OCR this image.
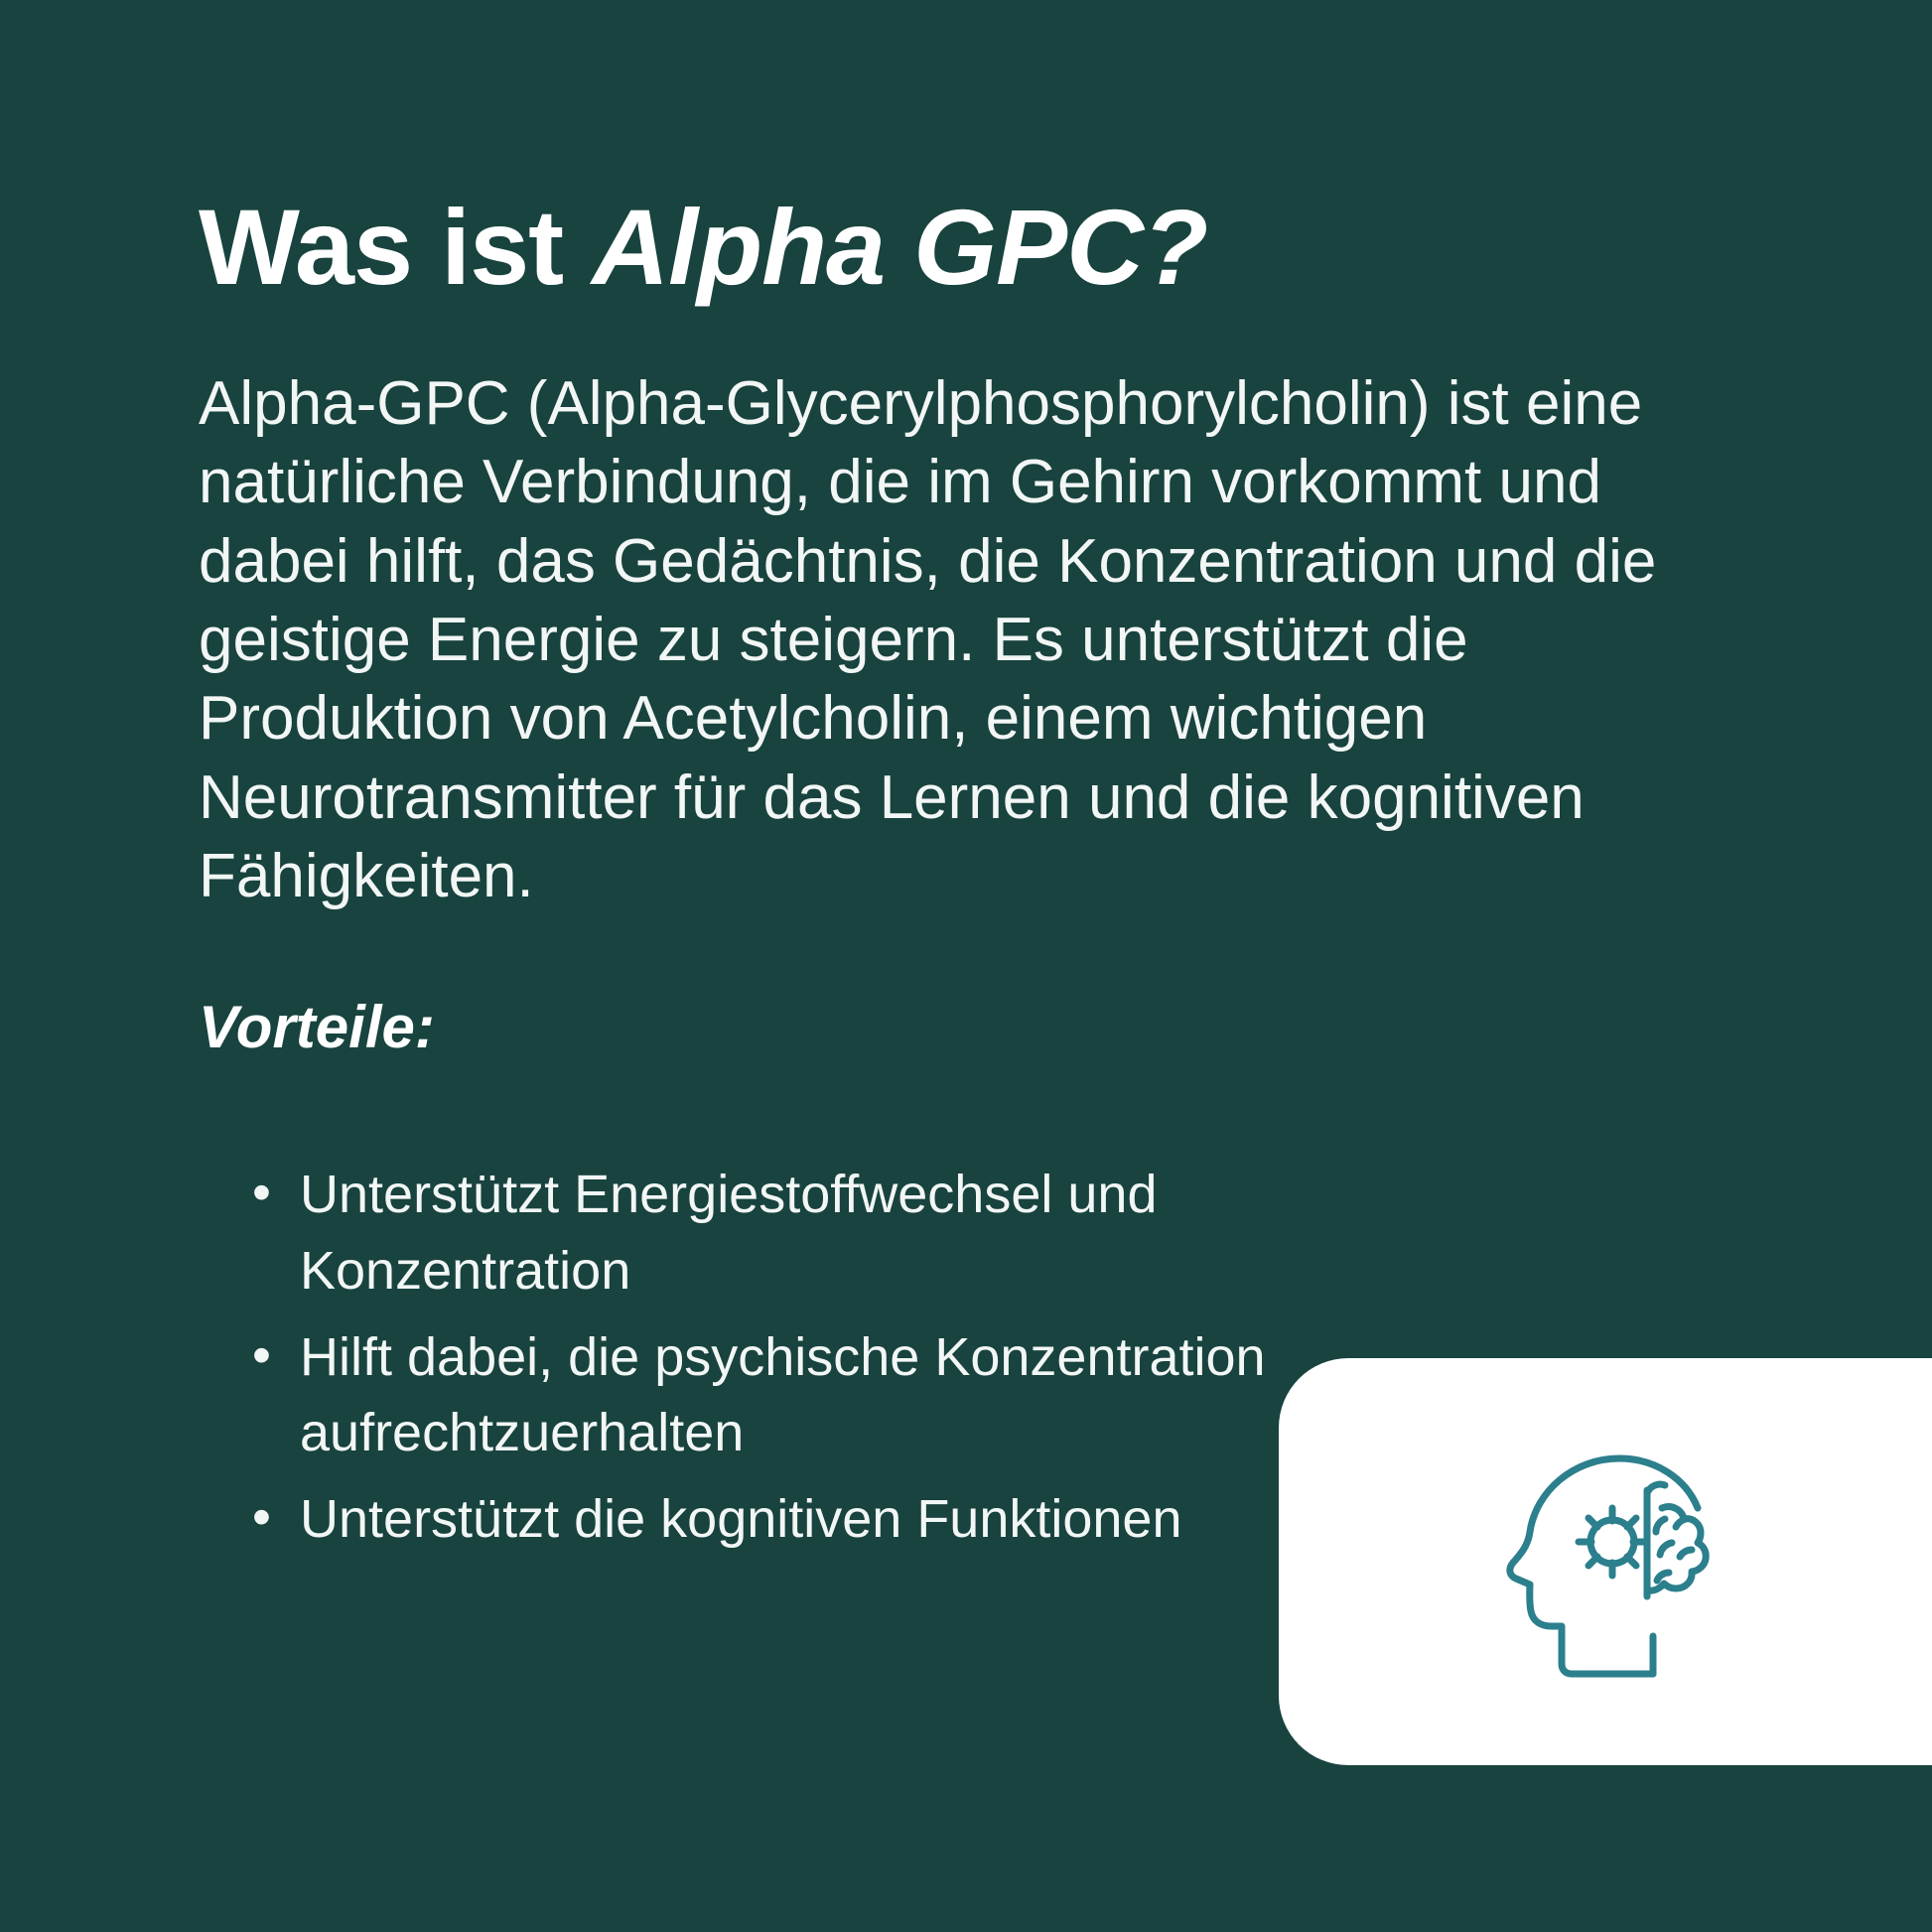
Was ist Alpha GPC?

Alpha-GPC (Alpha-Glycerylphosphorylcholin) ist eine natürliche Verbindung, die im Gehirn vorkommt und dabei hilft, das Gedächtnis, die Konzentration und die geistige Energie zu steigern. Es unterstützt die Produktion von Acetylcholin, einem wichtigen Neurotransmitter für das Lernen und die kognitiven Fähigkeiten.

Vorteile:
• Unterstützt Energiestoffwechsel und Konzentration
• Hilft dabei, die psychische Konzentration aufrechtzuerhalten
• Unterstützt die kognitiven Funktionen
